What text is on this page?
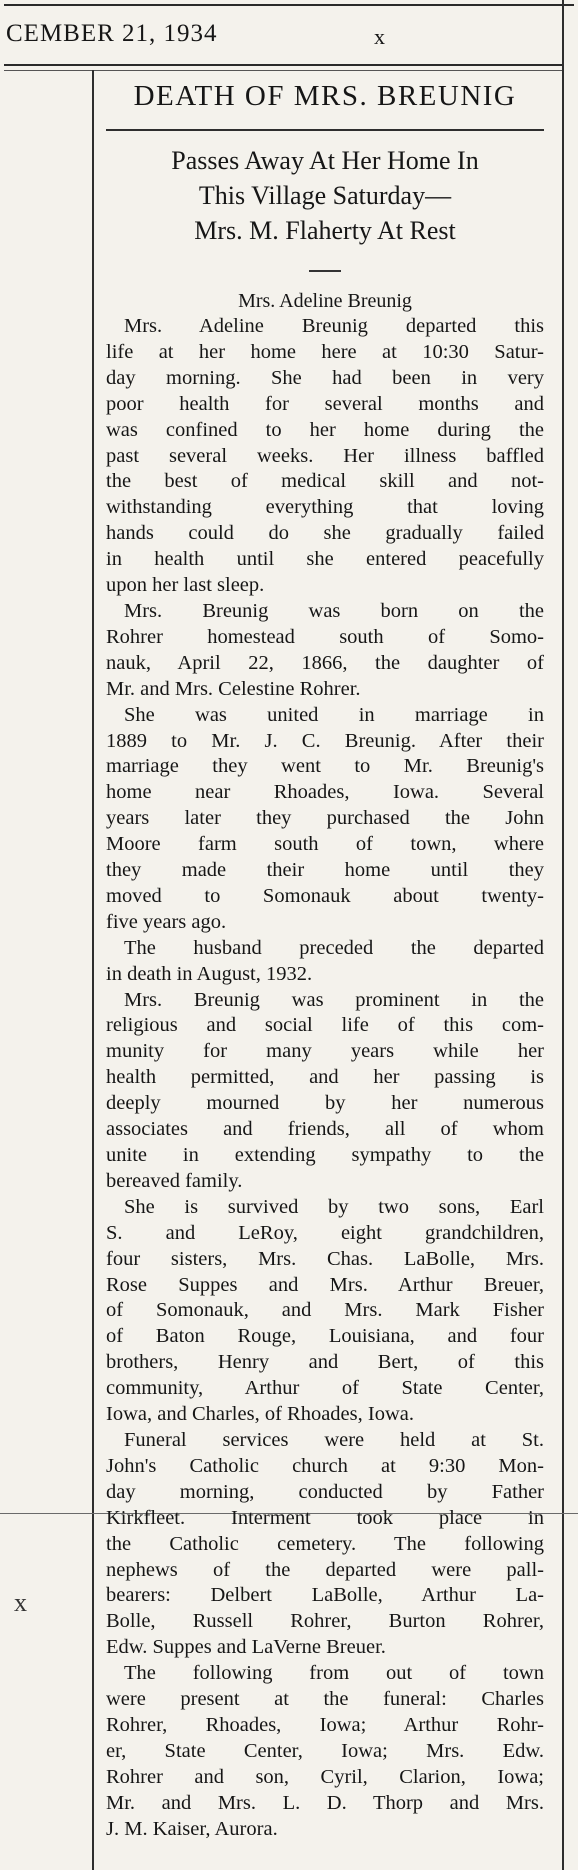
CEMBER 21, 1934	x
x
DEATH OF MRS. BREUNIG
Passes Away At Her Home In
This Village Saturday—
Mrs. M. Flaherty At Rest
Mrs. Adeline Breunig
Mrs. Adeline Breunig departed this
life at her home here at 10:30 Satur-
day morning. She had been in very
poor health for several months and
was confined to her home during the
past several weeks. Her illness baffled
the best of medical skill and not-
withstanding everything that loving
hands could do she gradually failed
in health until she entered peacefully
upon her last sleep.
Mrs. Breunig was born on the
Rohrer homestead south of Somo-
nauk, April 22, 1866, the daughter of
Mr. and Mrs. Celestine Rohrer.
She was united in marriage in
1889 to Mr. J. C. Breunig. After their
marriage they went to Mr. Breunig's
home near Rhoades, Iowa. Several
years later they purchased the John
Moore farm south of town, where
they made their home until they
moved to Somonauk about twenty-
five years ago.
The husband preceded the departed
in death in August, 1932.
Mrs. Breunig was prominent in the
religious and social life of this com-
munity for many years while her
health permitted, and her passing is
deeply mourned by her numerous
associates and friends, all of whom
unite in extending sympathy to the
bereaved family.
She is survived by two sons, Earl
S. and LeRoy, eight grandchildren,
four sisters, Mrs. Chas. LaBolle, Mrs.
Rose Suppes and Mrs. Arthur Breuer,
of Somonauk, and Mrs. Mark Fisher
of Baton Rouge, Louisiana, and four
brothers, Henry and Bert, of this
community, Arthur of State Center,
Iowa, and Charles, of Rhoades, Iowa.
Funeral services were held at St.
John's Catholic church at 9:30 Mon-
day morning, conducted by Father
Kirkfleet. Interment took place in
the Catholic cemetery. The following
nephews of the departed were pall-
bearers: Delbert LaBolle, Arthur La-
Bolle, Russell Rohrer, Burton Rohrer,
Edw. Suppes and LaVerne Breuer.
The following from out of town
were present at the funeral: Charles
Rohrer, Rhoades, Iowa; Arthur Rohr-
er, State Center, Iowa; Mrs. Edw.
Rohrer and son, Cyril, Clarion, Iowa;
Mr. and Mrs. L. D. Thorp and Mrs.
J. M. Kaiser, Aurora.
